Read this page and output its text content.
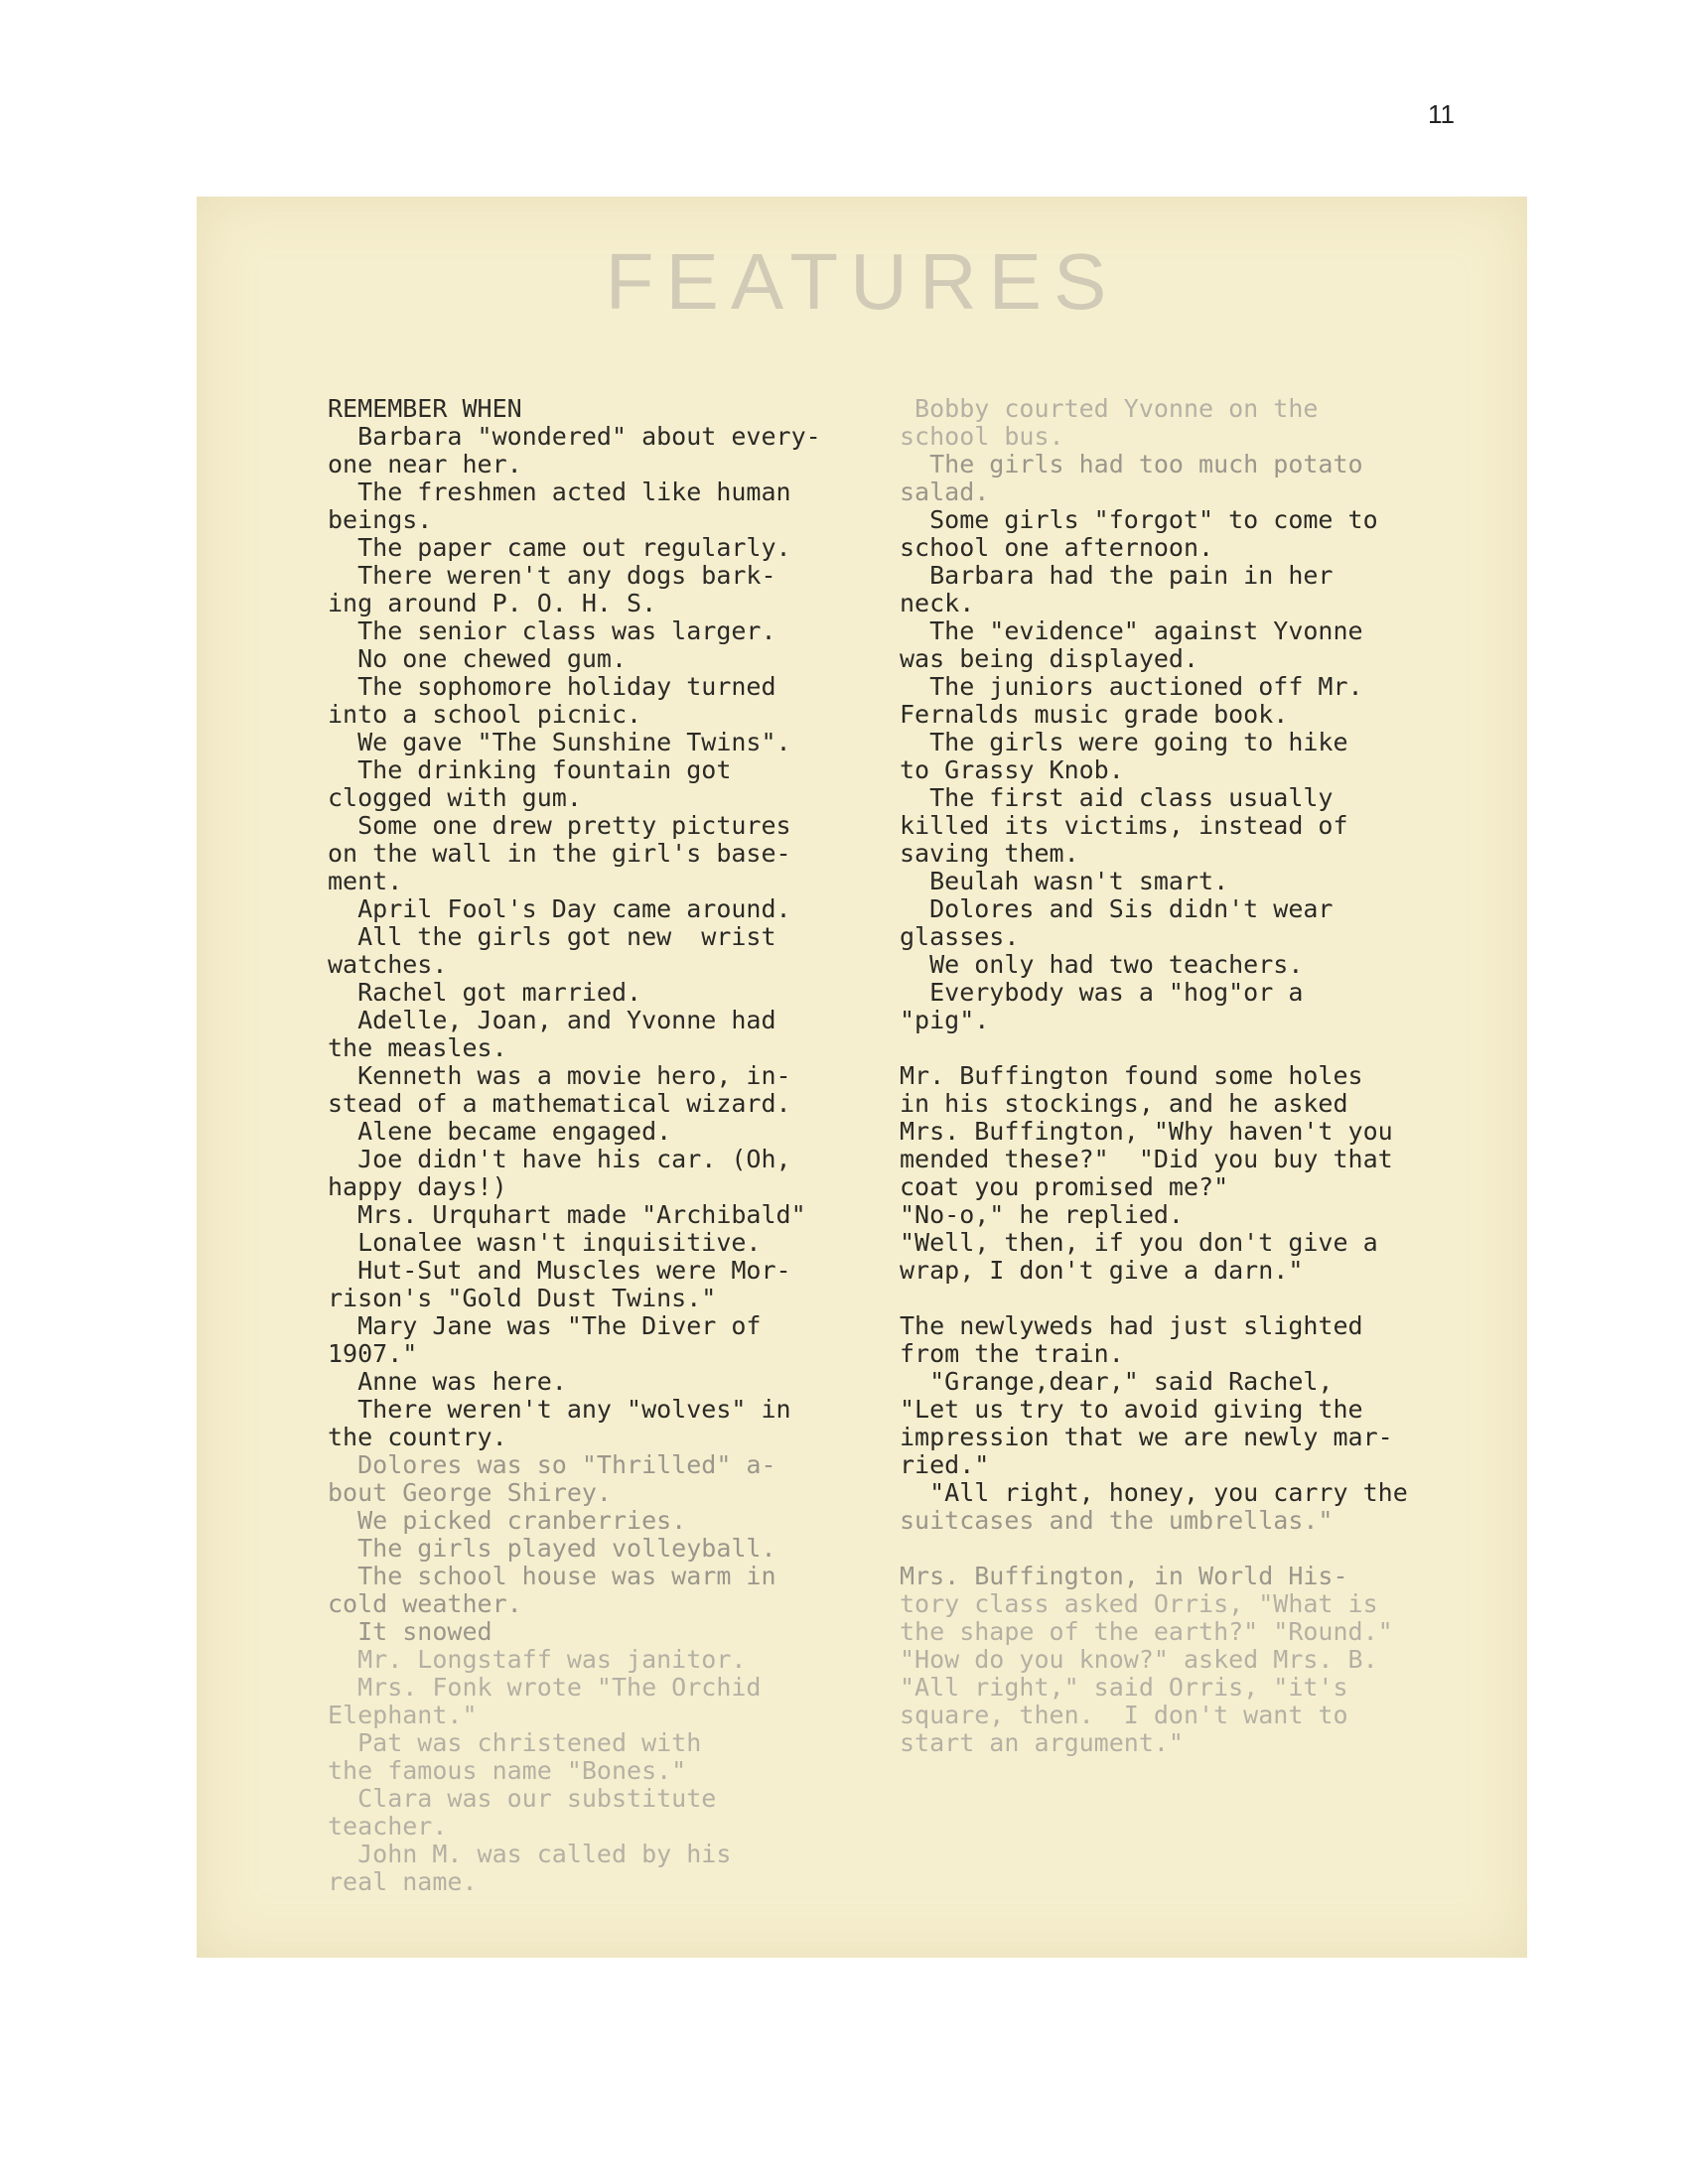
11
FEATURES
REMEMBER WHEN
Barbara "wondered" about every-
one near her.
The freshmen acted like human
beings.
The paper came out regularly.
There weren't any dogs bark-
ing around P. O. H. S.
The senior class was larger.
No one chewed gum.
The sophomore holiday turned
into a school picnic.
We gave "The Sunshine Twins".
The drinking fountain got
clogged with gum.
Some one drew pretty pictures
on the wall in the girl's base-
ment.
April Fool's Day came around.
All the girls got new  wrist
watches.
Rachel got married.
Adelle, Joan, and Yvonne had
the measles.
Kenneth was a movie hero, in-
stead of a mathematical wizard.
Alene became engaged.
Joe didn't have his car. (Oh,
happy days!)
Mrs. Urquhart made "Archibald"
Lonalee wasn't inquisitive.
Hut-Sut and Muscles were Mor-
rison's "Gold Dust Twins."
Mary Jane was "The Diver of
1907."
Anne was here.
There weren't any "wolves" in
the country.
Dolores was so "Thrilled" a-
bout George Shirey.
We picked cranberries.
The girls played volleyball.
The school house was warm in
cold weather.
It snowed
Mr. Longstaff was janitor.
Mrs. Fonk wrote "The Orchid
Elephant."
Pat was christened with
the famous name "Bones."
Clara was our substitute
teacher.
John M. was called by his
real name.
Bobby courted Yvonne on the
school bus.
The girls had too much potato
salad.
Some girls "forgot" to come to
school one afternoon.
Barbara had the pain in her
neck.
The "evidence" against Yvonne
was being displayed.
The juniors auctioned off Mr.
Fernalds music grade book.
The girls were going to hike
to Grassy Knob.
The first aid class usually
killed its victims, instead of
saving them.
Beulah wasn't smart.
Dolores and Sis didn't wear
glasses.
We only had two teachers.
Everybody was a "hog"or a
"pig".
Mr. Buffington found some holes
in his stockings, and he asked
Mrs. Buffington, "Why haven't you
mended these?"  "Did you buy that
coat you promised me?"
"No-o," he replied.
"Well, then, if you don't give a
wrap, I don't give a darn."
The newlyweds had just slighted
from the train.
"Grange,dear," said Rachel,
"Let us try to avoid giving the
impression that we are newly mar-
ried."
"All right, honey, you carry the
suitcases and the umbrellas."
Mrs. Buffington, in World His-
tory class asked Orris, "What is
the shape of the earth?" "Round."
"How do you know?" asked Mrs. B.
"All right," said Orris, "it's
square, then.  I don't want to
start an argument."
